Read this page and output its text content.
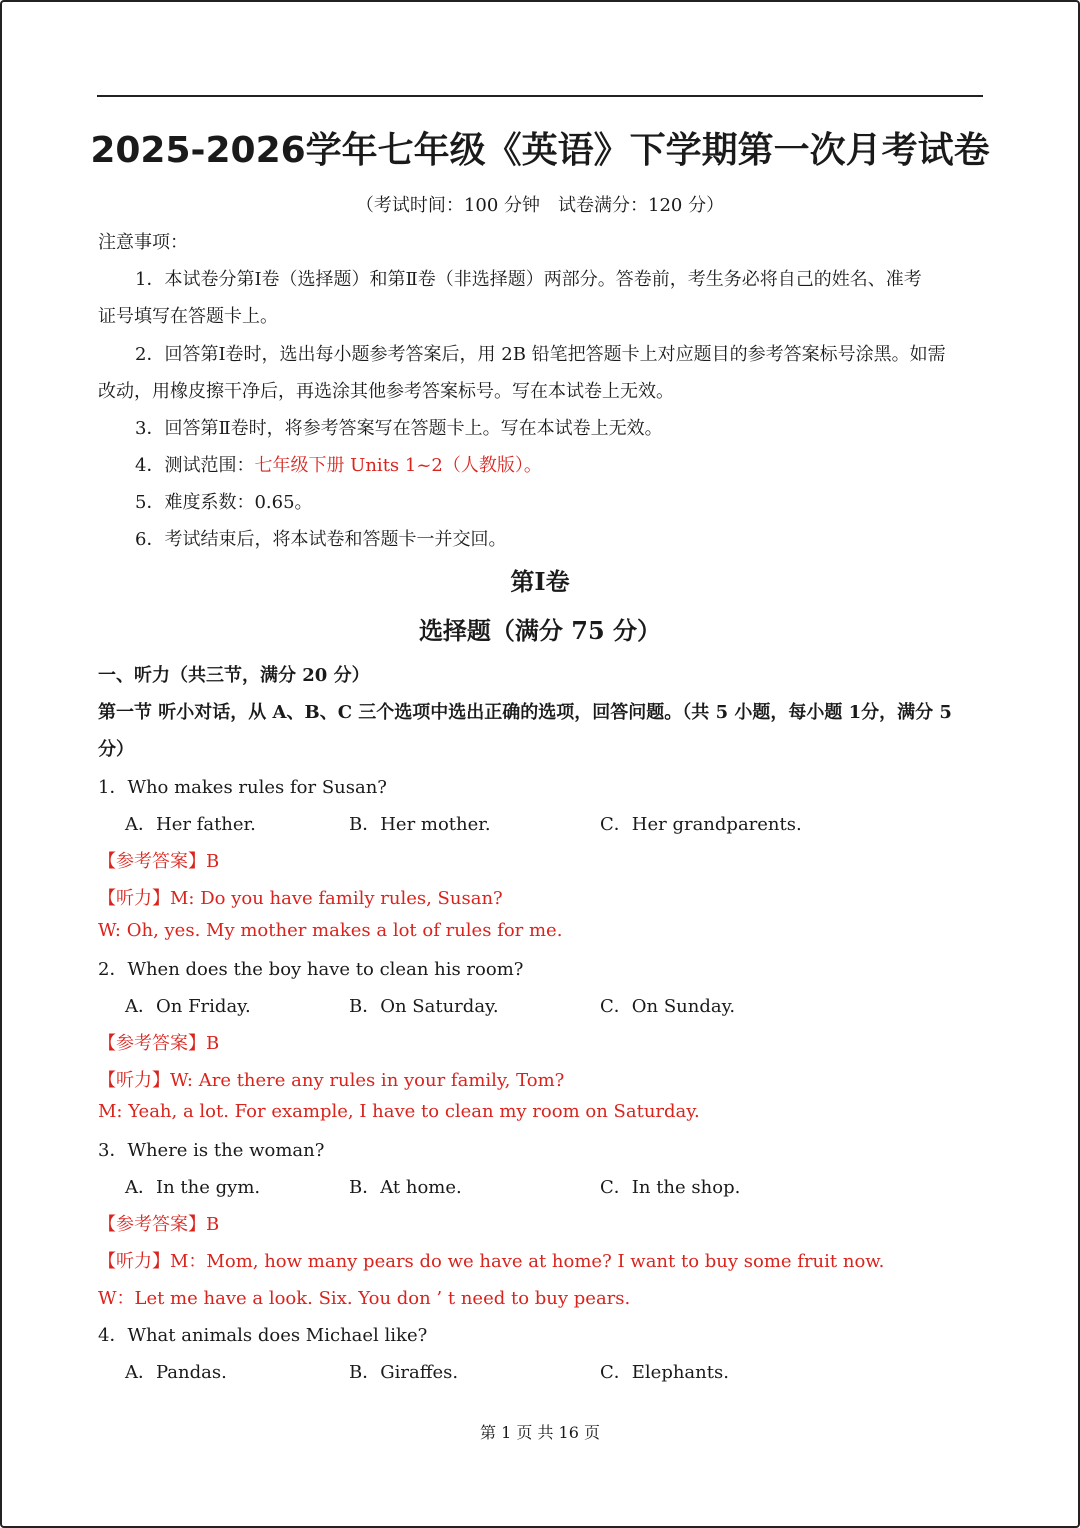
2025-2026学年七年级《英语》下学期第一次月考试卷
（考试时间：100 分钟　试卷满分：120 分）
注意事项：
1．本试卷分第Ⅰ卷（选择题）和第Ⅱ卷（非选择题）两部分。答卷前，考生务必将自己的姓名、准考
证号填写在答题卡上。
2．回答第Ⅰ卷时，选出每小题参考答案后，用 2B 铅笔把答题卡上对应题目的参考答案标号涂黑。如需
改动，用橡皮擦干净后，再选涂其他参考答案标号。写在本试卷上无效。
3．回答第Ⅱ卷时，将参考答案写在答题卡上。写在本试卷上无效。
4．测试范围：七年级下册 Units 1~2（人教版）。
5．难度系数：0.65。
6．考试结束后，将本试卷和答题卡一并交回。
第Ⅰ卷
选择题（满分 75 分）
一、听力（共三节，满分 20 分）
第一节 听小对话，从 A、B、C 三个选项中选出正确的选项，回答问题。（共 5 小题，每小题 1分，满分 5
分）
1．Who makes rules for Susan?
A．Her father.	B．Her mother.	C．Her grandparents.
【参考答案】B
【听力】M: Do you have family rules, Susan?
W: Oh, yes. My mother makes a lot of rules for me.
2．When does the boy have to clean his room?
A．On Friday.	B．On Saturday.	C．On Sunday.
【参考答案】B
【听力】W: Are there any rules in your family, Tom?
M: Yeah, a lot. For example, I have to clean my room on Saturday.
3．Where is the woman?
A．In the gym.	B．At home.	C．In the shop.
【参考答案】B
【听力】M：Mom, how many pears do we have at home? I want to buy some fruit now.
W：Let me have a look. Six. You don ’ t need to buy pears.
4．What animals does Michael like?
A．Pandas.	B．Giraffes.	C．Elephants.
第 1 页 共 16 页
